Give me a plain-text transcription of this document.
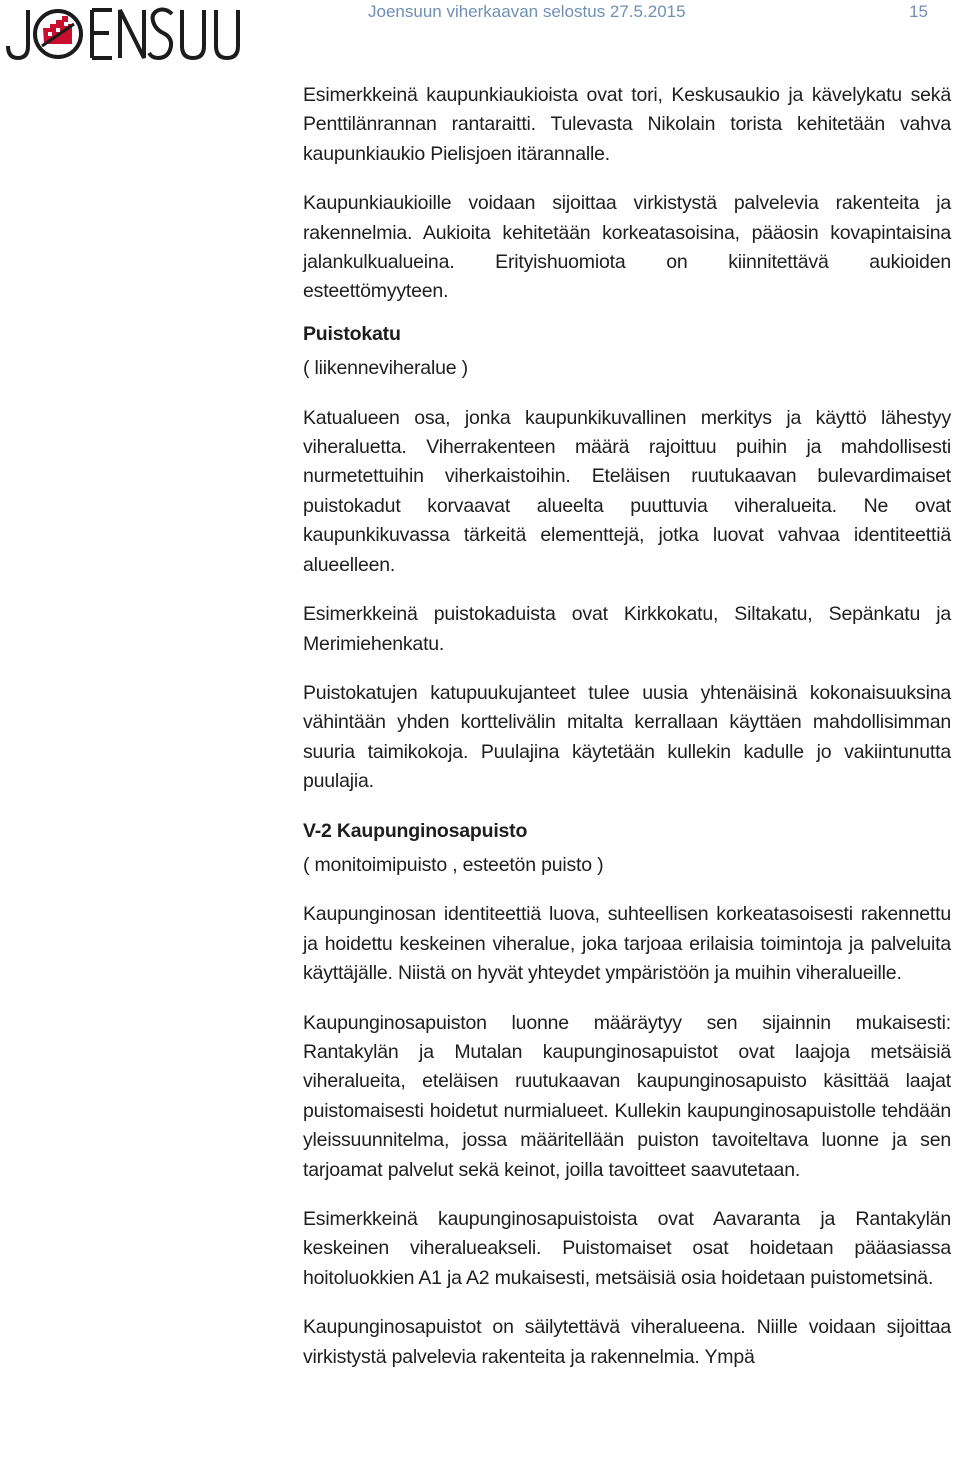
Joensuun viherkaavan selostus 27.5.2015	15

Esimerkkeinä kaupunkiaukioista ovat tori, Keskusaukio ja kävelykatu sekä Penttilänrannan rantaraitti. Tulevasta Nikolain torista kehitetään vahva kaupunkiaukio Pielisjoen itärannalle.

Kaupunkiaukioille voidaan sijoittaa virkistystä palvelevia rakenteita ja rakennelmia. Aukioita kehitetään korkeatasoisina, pääosin kovapintaisina jalankulkualueina. Erityishuomiota on kiinnitettävä aukioiden esteettömyyteen.

Puistokatu
( liikenneviheralue )

Katualueen osa, jonka kaupunkikuvallinen merkitys ja käyttö lähestyy viheraluetta. Viherrakenteen määrä rajoittuu puihin ja mahdollisesti nurmetettuihin viherkaistoihin. Eteläisen ruutukaavan bulevardimaiset puistokadut korvaavat alueelta puuttuvia viheralueita. Ne ovat kaupunkikuvassa tärkeitä elementtejä, jotka luovat vahvaa identiteettiä alueelleen.

Esimerkkeinä puistokaduista ovat Kirkkokatu, Siltakatu, Sepänkatu ja Merimiehenkatu.

Puistokatujen katupuukujanteet tulee uusia yhtenäisinä kokonaisuuksina vähintään yhden korttelivälin mitalta kerrallaan käyttäen mahdollisimman suuria taimikokoja. Puulajina käytetään kullekin kadulle jo vakiintunutta puulajia.

V-2 Kaupunginosapuisto
( monitoimipuisto , esteetön puisto )

Kaupunginosan identiteettiä luova, suhteellisen korkeatasoisesti rakennettu ja hoidettu keskeinen viheralue, joka tarjoaa erilaisia toimintoja ja palveluita käyttäjälle. Niistä on hyvät yhteydet ympäristöön ja muihin viheralueille.

Kaupunginosapuiston luonne määräytyy sen sijainnin mukaisesti: Rantakylän ja Mutalan kaupunginosapuistot ovat laajoja metsäisiä viheralueita, eteläisen ruutukaavan kaupunginosapuisto käsittää laajat puistomaisesti hoidetut nurmialueet. Kullekin kaupunginosapuistolle tehdään yleissuunnitelma, jossa määritellään puiston tavoiteltava luonne ja sen tarjoamat palvelut sekä keinot, joilla tavoitteet saavutetaan.

Esimerkkeinä kaupunginosapuistoista ovat Aavaranta ja Rantakylän keskeinen viheralueakseli. Puistomaiset osat hoidetaan pääasiassa hoitoluokkien A1 ja A2 mukaisesti, metsäisiä osia hoidetaan puistometsinä.

Kaupunginosapuistot on säilytettävä viheralueena. Niille voidaan sijoittaa virkistystä palvelevia rakenteita ja rakennelmia. Ympä
